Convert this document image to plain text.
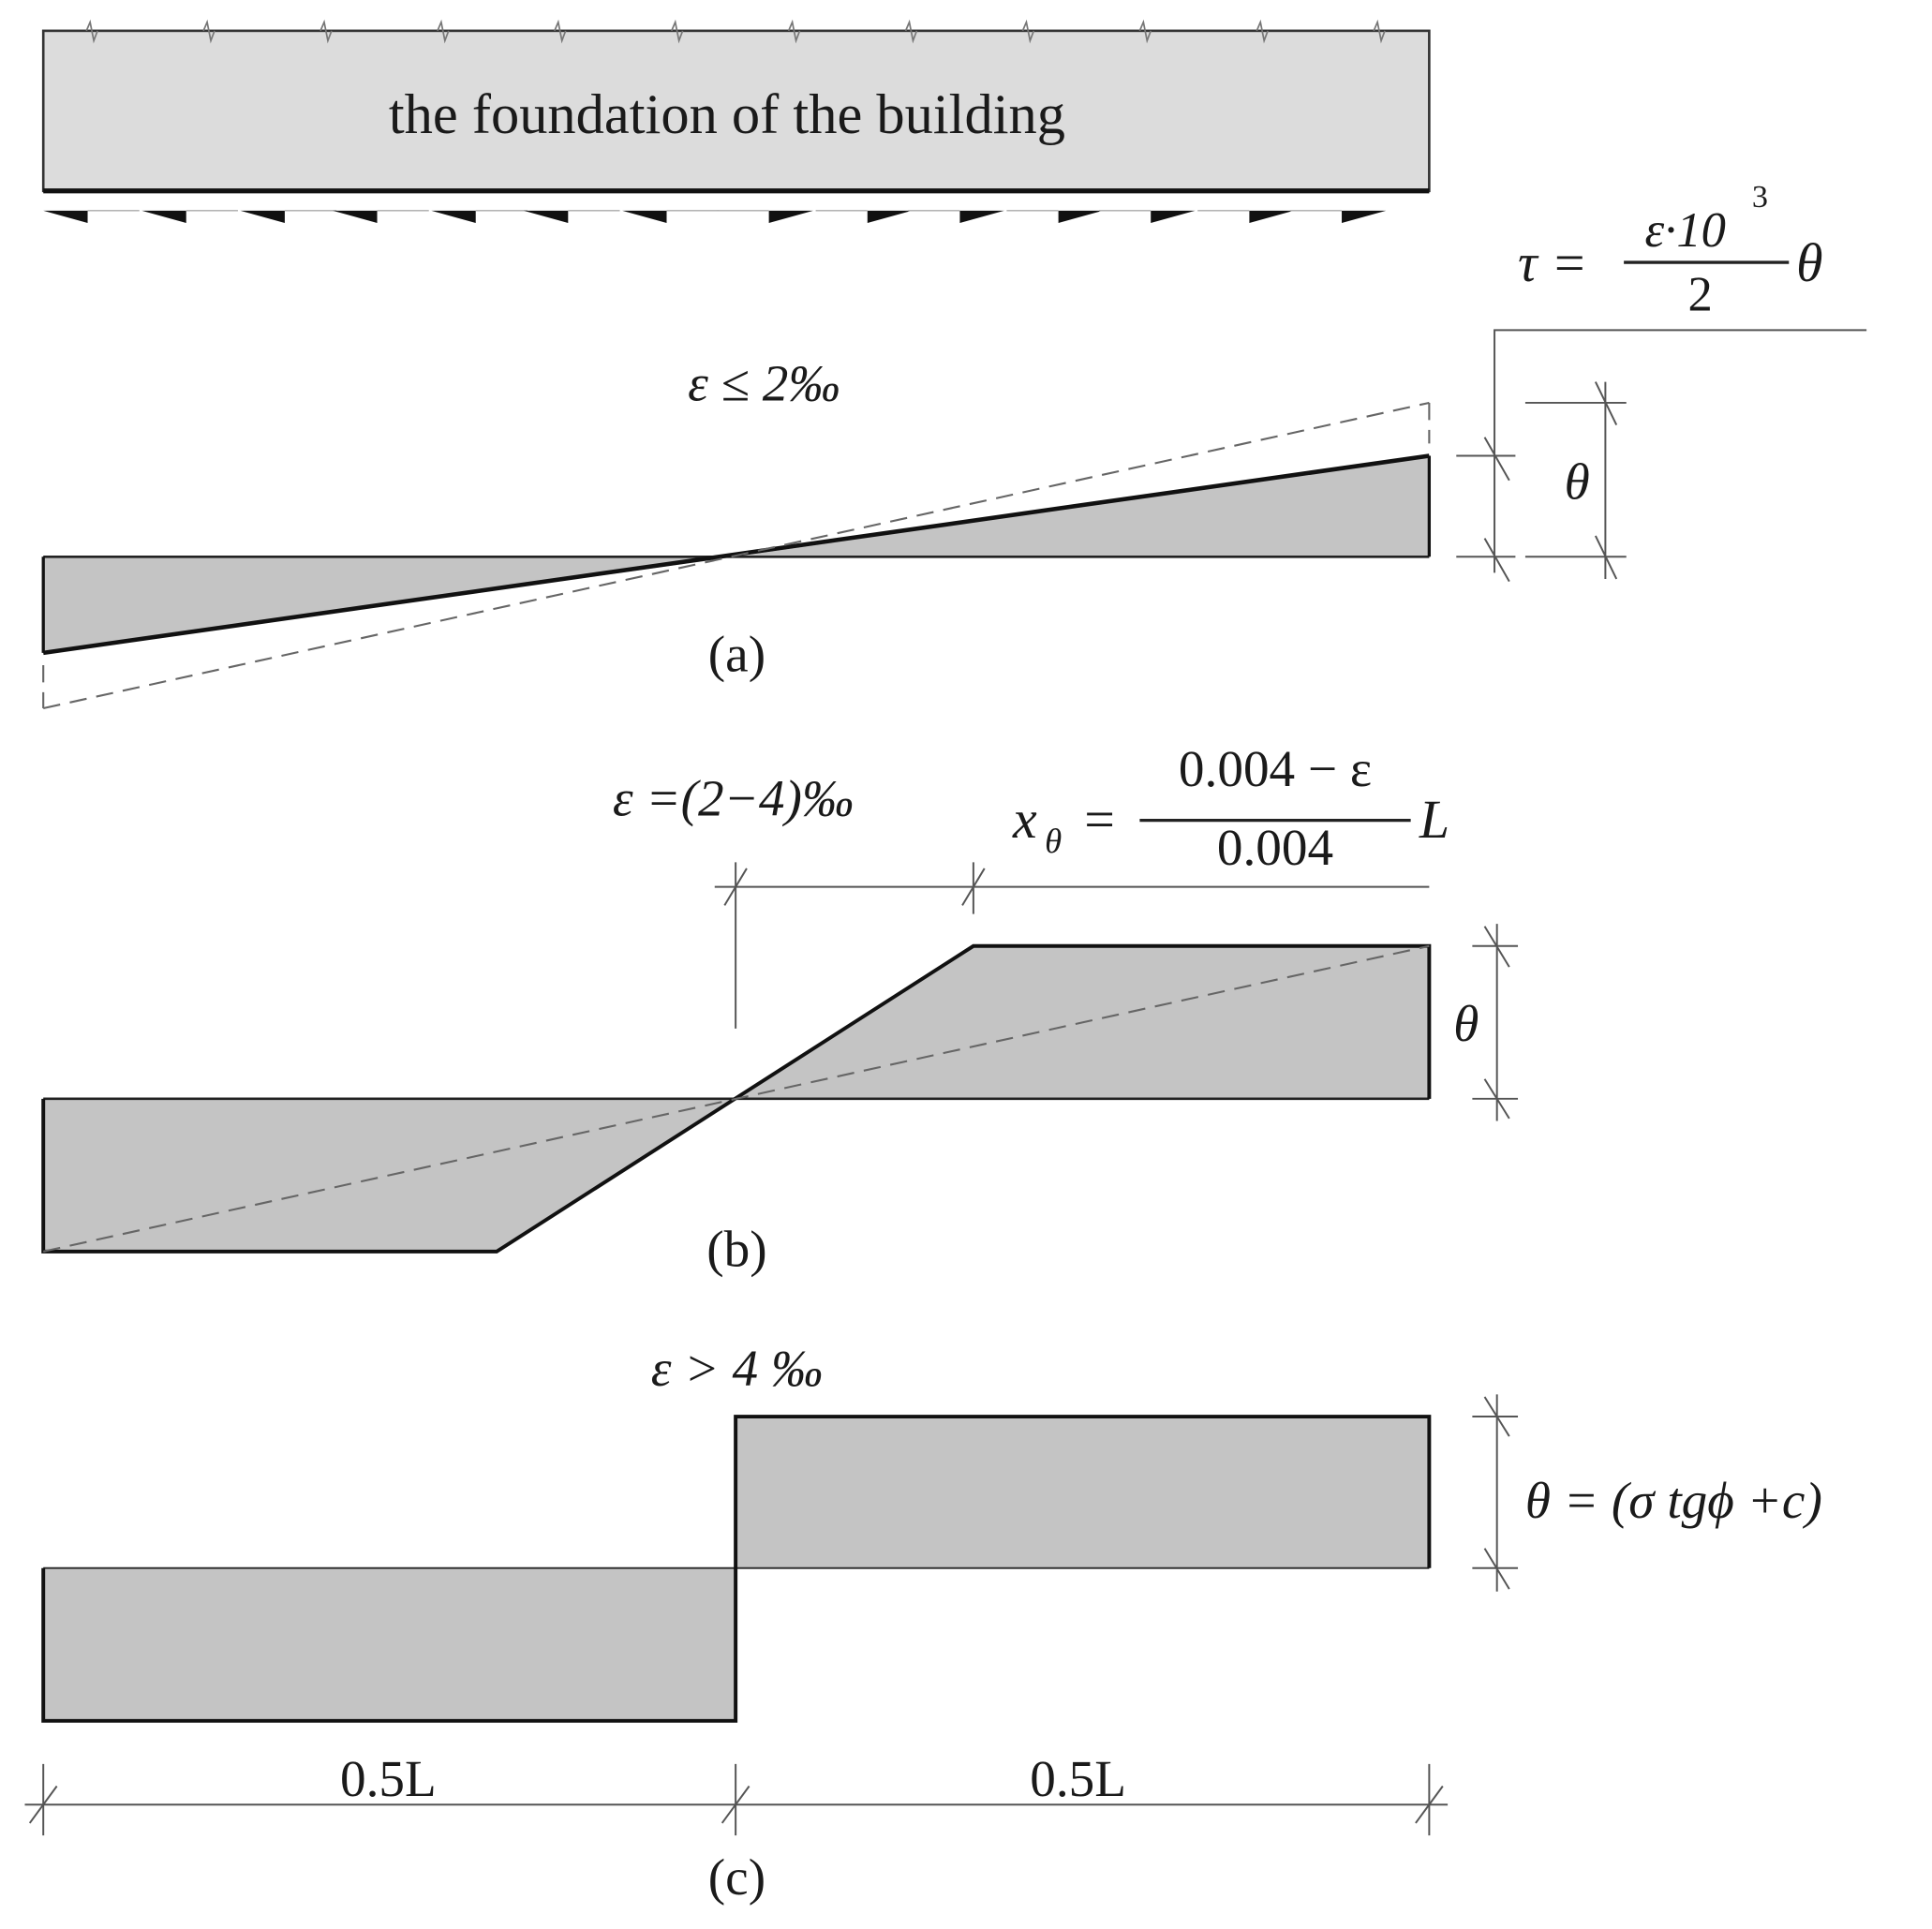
the foundation of the building
τ =
ε·10
3
2
θ
ε ≤ 2‰
(a)
θ
ε =(2−4)‰	x θ =
0.004 − ε
0.004 L
θ
(b)
ε > 4 ‰
θ = (σ tgϕ +c)
0.5L	0.5L
(c)
